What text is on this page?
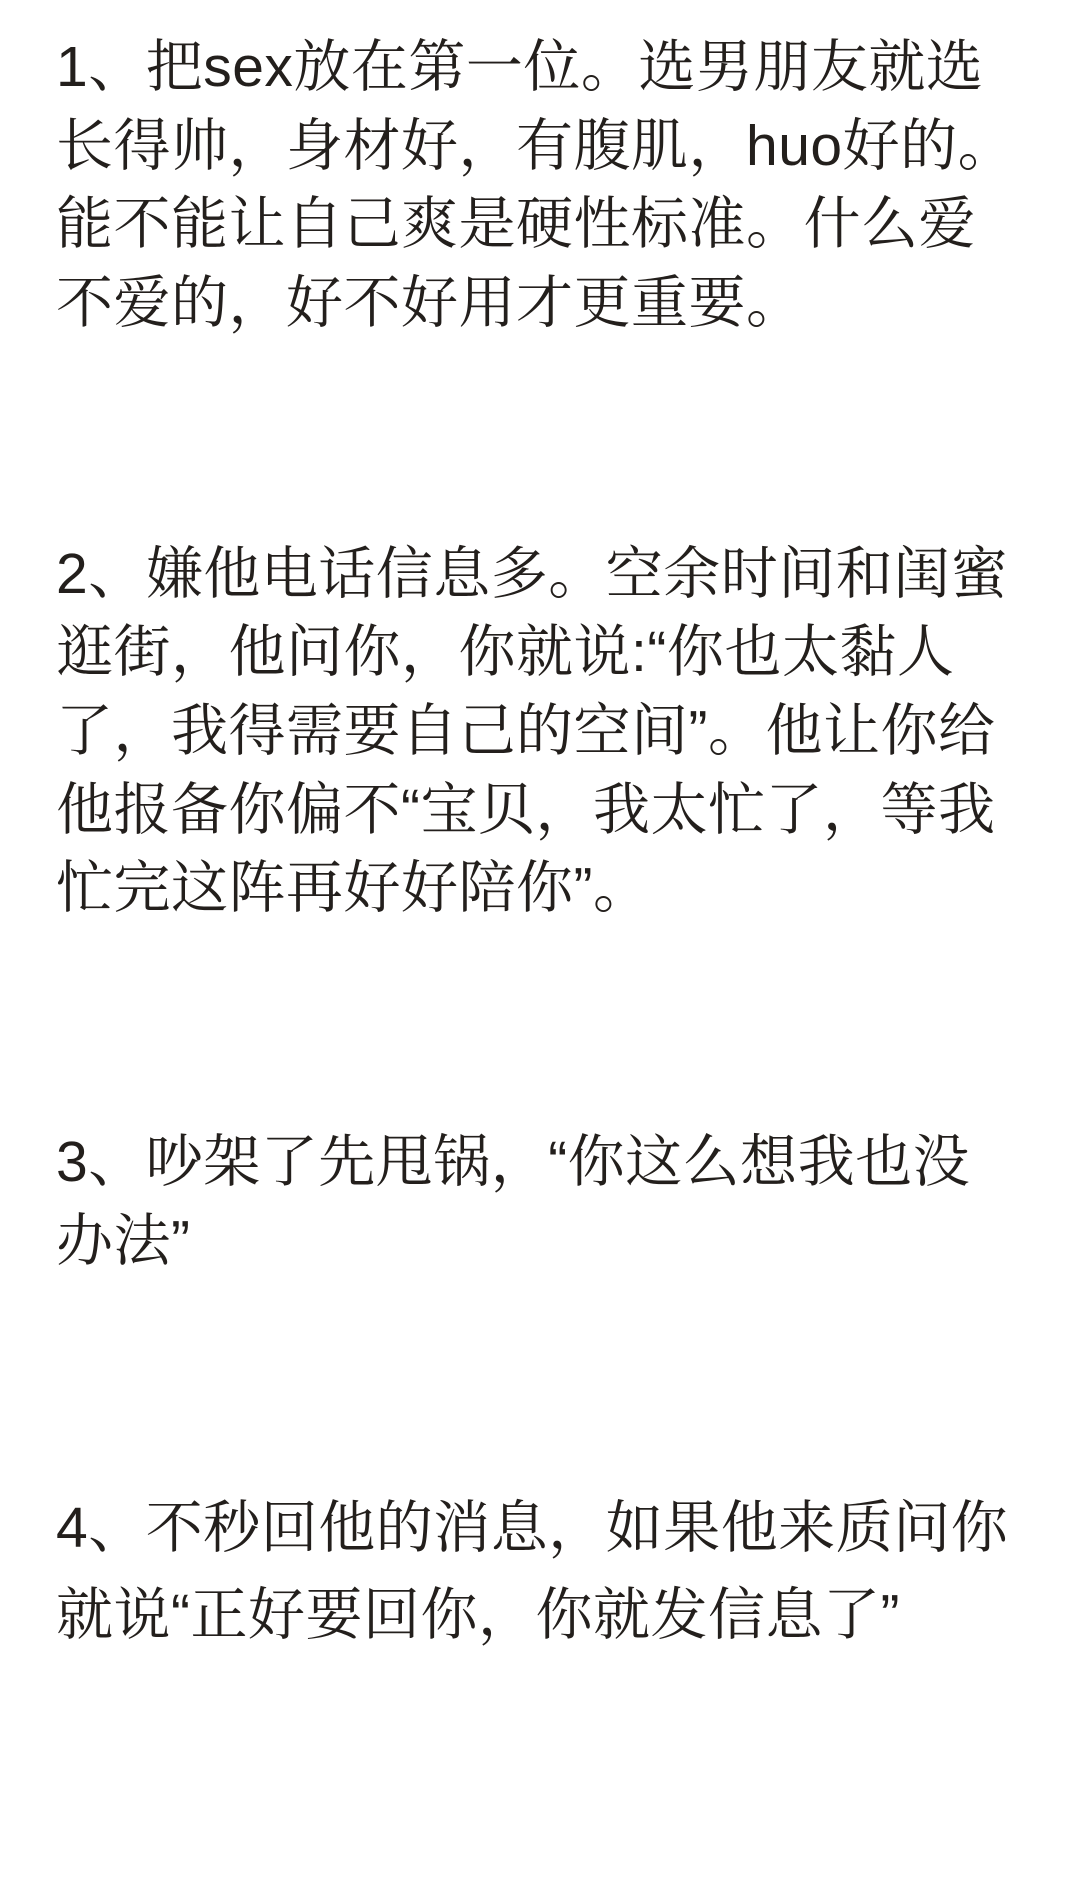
1、把sex放在第一位。选男朋友就选长得帅，身材好，有腹肌，huo好的。能不能让自己爽是硬性标准。什么爱不爱的，好不好用才更重要。

2、嫌他电话信息多。空余时间和闺蜜逛街，他问你，你就说:“你也太黏人了，我得需要自己的空间”。他让你给他报备你偏不“宝贝，我太忙了，等我忙完这阵再好好陪你”。

3、吵架了先甩锅，“你这么想我也没办法”

4、不秒回他的消息，如果他来质问你就说“正好要回你，你就发信息了”
